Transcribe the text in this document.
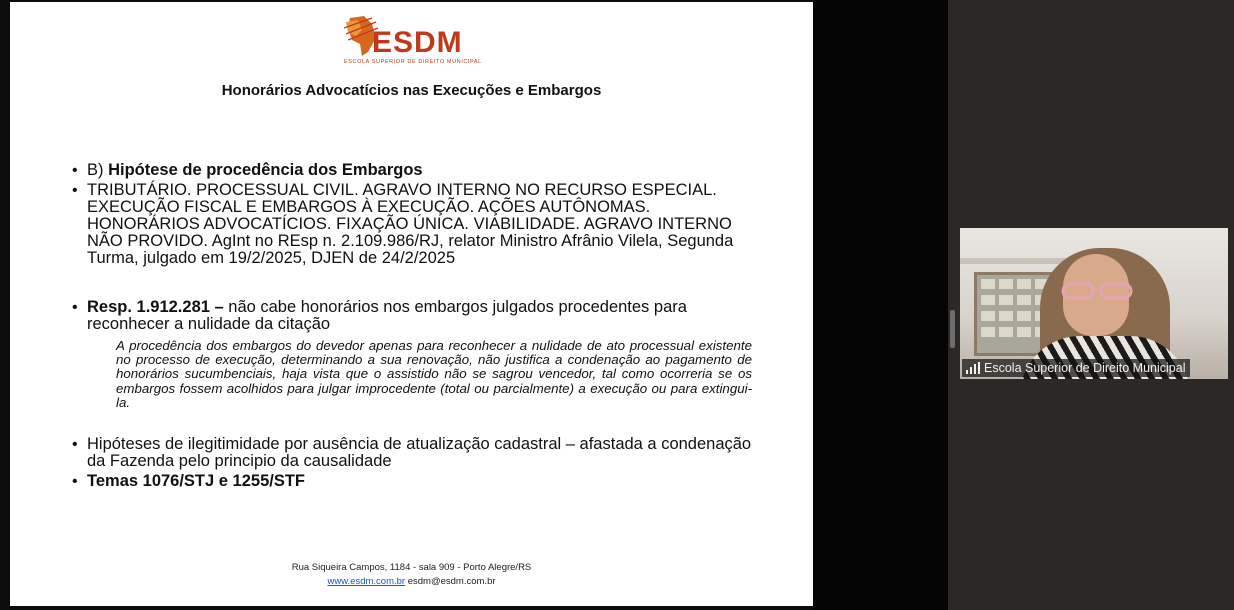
ESDM
ESCOLA SUPERIOR DE DIREITO MUNICIPAL
Honorários Advocatícios nas Execuções e Embargos
• B) Hipótese de procedência dos Embargos
• TRIBUTÁRIO. PROCESSUAL CIVIL. AGRAVO INTERNO NO RECURSO ESPECIAL. EXECUÇÃO FISCAL E EMBARGOS À EXECUÇÃO. AÇÕES AUTÔNOMAS. HONORÁRIOS ADVOCATÍCIOS. FIXAÇÃO ÚNICA. VIABILIDADE. AGRAVO INTERNO NÃO PROVIDO. AgInt no REsp n. 2.109.986/RJ, relator Ministro Afrânio Vilela, Segunda Turma, julgado em 19/2/2025, DJEN de 24/2/2025
• Resp. 1.912.281 – não cabe honorários nos embargos julgados procedentes para reconhecer a nulidade da citação
A procedência dos embargos do devedor apenas para reconhecer a nulidade de ato processual existente no processo de execução, determinando a sua renovação, não justifica a condenação ao pagamento de honorários sucumbenciais, haja vista que o assistido não se sagrou vencedor, tal como ocorreria se os embargos fossem acolhidos para julgar improcedente (total ou parcialmente) a execução ou para extingui-la.
• Hipóteses de ilegitimidade por ausência de atualização cadastral – afastada a condenação da Fazenda pelo principio da causalidade
• Temas 1076/STJ e 1255/STF
Rua Siqueira Campos, 1184 - sala 909 - Porto Alegre/RS
www.esdm.com.br esdm@esdm.com.br
Escola Superior de Direito Municipal
